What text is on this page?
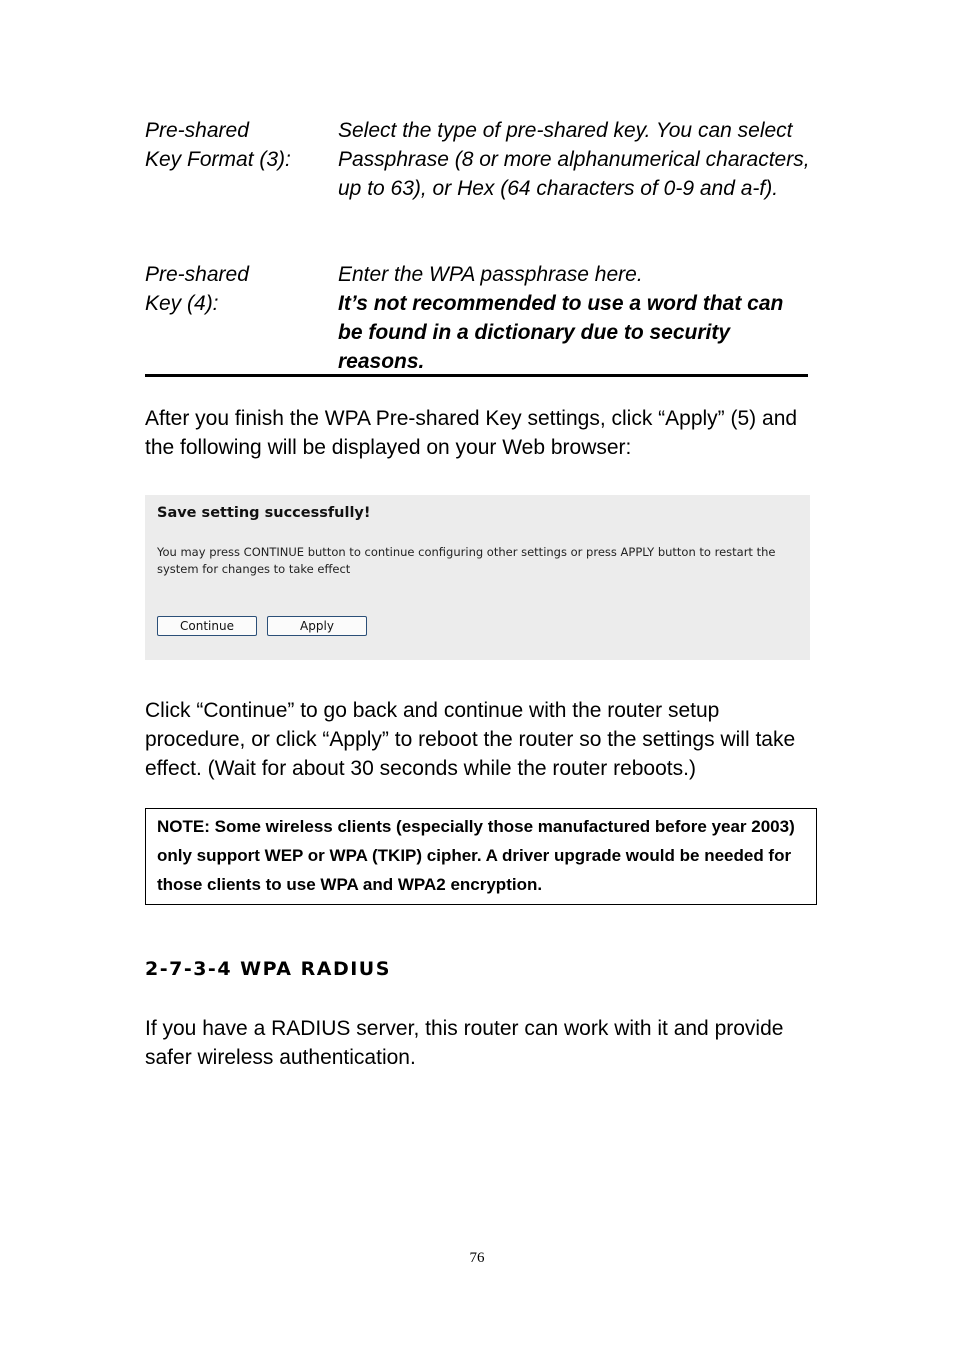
Pre-shared
Key Format (3):
Select the type of pre-shared key. You can select Passphrase (8 or more alphanumerical characters, up to 63), or Hex (64 characters of 0-9 and a-f).
Pre-shared
Key (4):
Enter the WPA passphrase here.
It’s not recommended to use a word that can be found in a dictionary due to security reasons.
After you finish the WPA Pre-shared Key settings, click “Apply” (5) and the following will be displayed on your Web browser:
Save setting successfully!
You may press CONTINUE button to continue configuring other settings or press APPLY button to restart the system for changes to take effect
Continue	Apply
Click “Continue” to go back and continue with the router setup procedure, or click “Apply” to reboot the router so the settings will take effect. (Wait for about 30 seconds while the router reboots.)
NOTE: Some wireless clients (especially those manufactured before year 2003) only support WEP or WPA (TKIP) cipher. A driver upgrade would be needed for those clients to use WPA and WPA2 encryption.
2-7-3-4 WPA RADIUS
If you have a RADIUS server, this router can work with it and provide safer wireless authentication.
76
